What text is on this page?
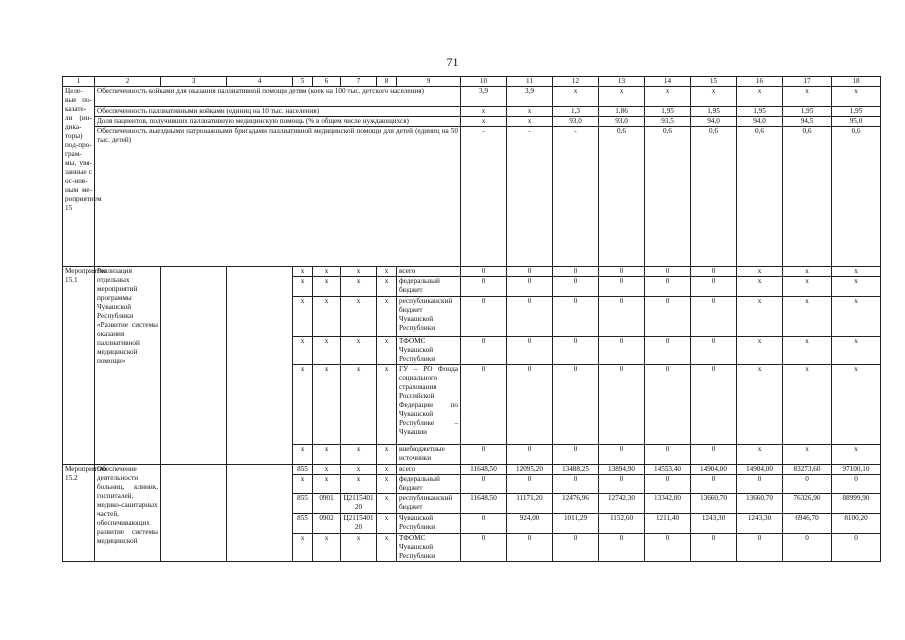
71
1	2	3	4	5	6	7	8	9	10	11	12	13	14	15	16	17	18
Целе-вые по-казате-ли (ин-дика-торы) под-про-грам-мы, увя-занные с ос-нов-ным ме-роприятием 15	Обеспеченность койками для оказания паллиативной помощи детям (коек на 100 тыс. детского населения)								3,9	3,9	x	x	x	x	x	x	x
	Обеспеченность паллиативными койками (единиц на 10 тыс. населения)								x	x	1,3	1,86	1,95	1,95	1,95	1,95	1,95
	Доля пациентов, получивших паллиативную медицинскую помощь (% в общем числе нуждающихся)								x	x	93,0	93,0	93,5	94,0	94,0	94,5	95,0
	Обеспеченность выездными патронажными бригадами паллиативной медицинской помощи для детей (единиц на 50 тыс. детей)								-	-	-	0,6	0,6	0,6	0,6	0,6	0,6
Мероприятие 15.1	Реализация отдельных мероприятий программы Чувашской Республики «Развитие системы оказания паллиативной медицинской помощи»			x	x	x	x	всего	0	0	0	0	0	0	x	x	x
				x	x	x	x	федеральный бюджет	0	0	0	0	0	0	x	x	x
				x	x	x	x	республиканский бюджет Чувашской Республики	0	0	0	0	0	0	x	x	x
				x	x	x	x	ТФОМС Чувашской Республики	0	0	0	0	0	0	x	x	x
				x	x	x	x	ГУ – РО Фонда социального страхования Российской Федерации по Чувашской Республике – Чувашии	0	0	0	0	0	0	x	x	x
				x	x	x	x	внебюджетные источники	0	0	0	0	0	0	x	x	x
Мероприятие 15.2	Обеспечение деятельности больниц, клиник, госпиталей, медико-санитарных частей, обеспечивающих развитие системы медицинской			855	x	x	x	всего	11648,50	12095,20	13488,25	13894,90	14553,40	14904,00	14904,00	83273,60	97100,10
				x	x	x	x	федеральный бюджет	0	0	0	0	0	0	0	0	0
				855	0901	Ц2115401 20	x	республиканский бюджет	11648,50	11171,20	12476,96	12742,30	13342,00	13660,70	13660,70	76326,90	88999,90
				855	0902	Ц2115401 20	x	Чувашской Республики	0	924,00	1011,29	1152,60	1211,40	1243,30	1243,30	6946,70	8100,20
				x	x	x	x	ТФОМС Чувашской Республики	0	0	0	0	0	0	0	0	0
